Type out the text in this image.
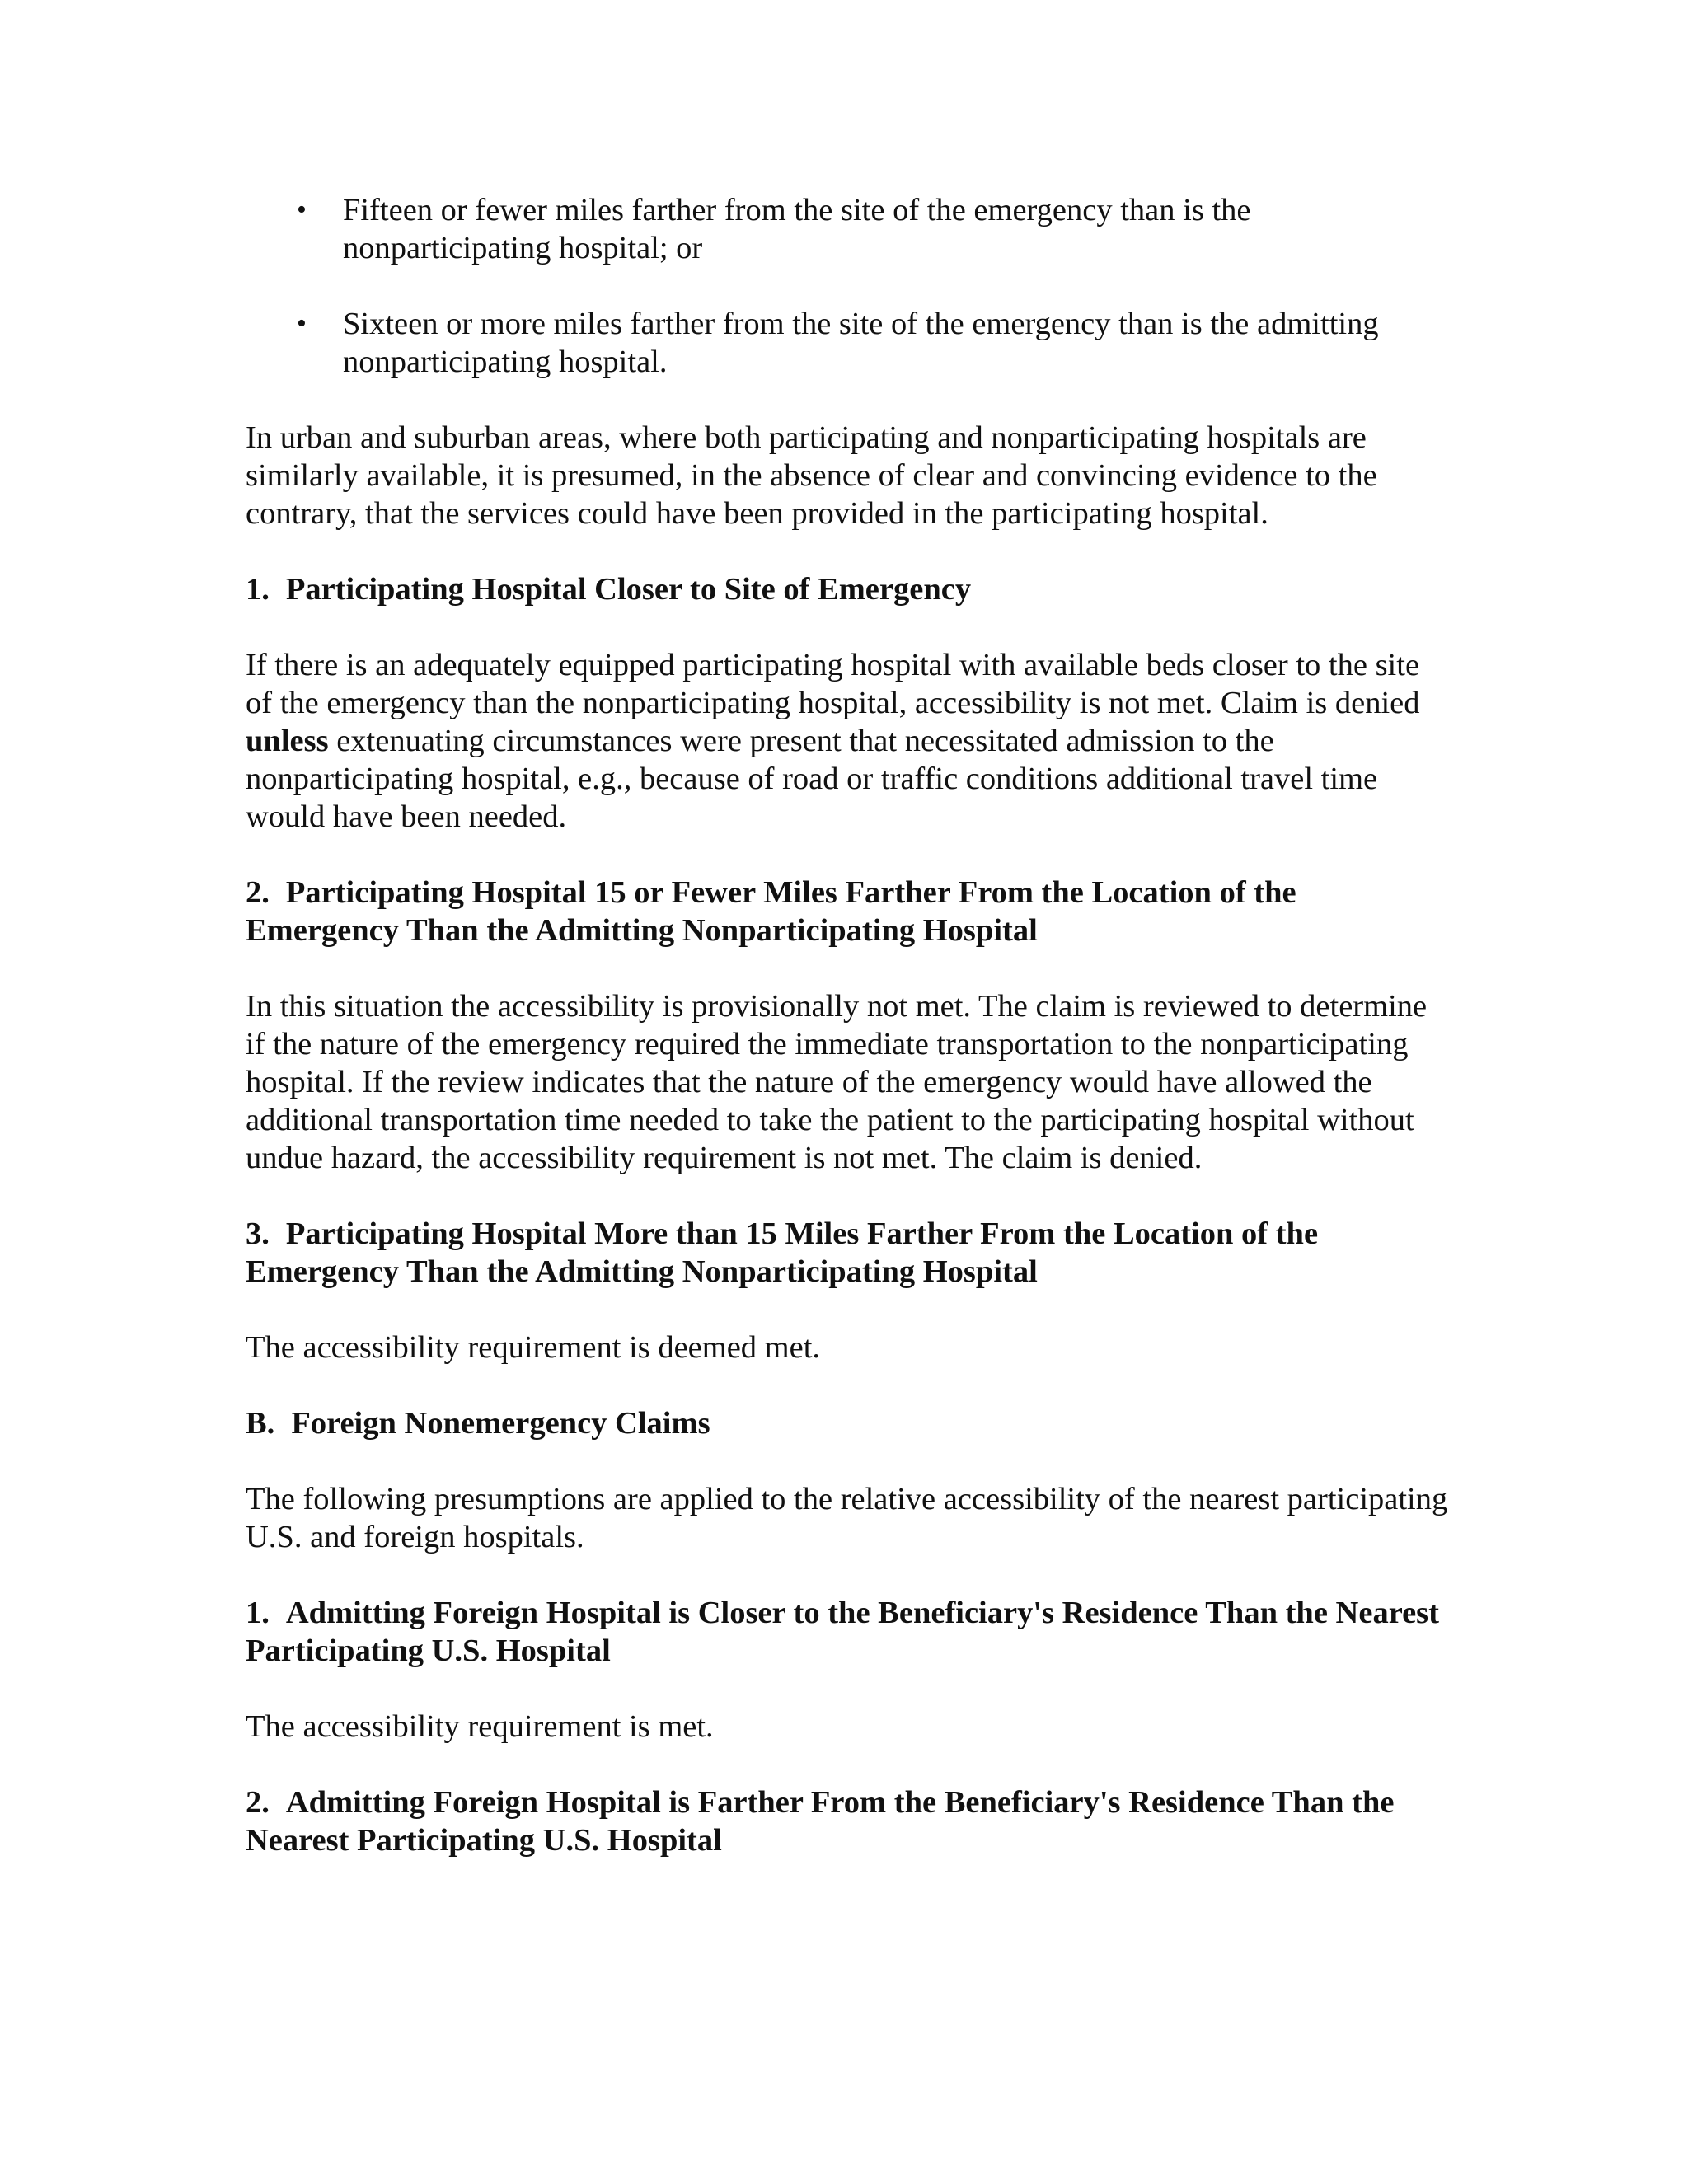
• Fifteen or fewer miles farther from the site of the emergency than is the nonparticipating hospital; or
• Sixteen or more miles farther from the site of the emergency than is the admitting nonparticipating hospital.

In urban and suburban areas, where both participating and nonparticipating hospitals are similarly available, it is presumed, in the absence of clear and convincing evidence to the contrary, that the services could have been provided in the participating hospital.

1. Participating Hospital Closer to Site of Emergency

If there is an adequately equipped participating hospital with available beds closer to the site of the emergency than the nonparticipating hospital, accessibility is not met. Claim is denied unless extenuating circumstances were present that necessitated admission to the nonparticipating hospital, e.g., because of road or traffic conditions additional travel time would have been needed.

2. Participating Hospital 15 or Fewer Miles Farther From the Location of the Emergency Than the Admitting Nonparticipating Hospital

In this situation the accessibility is provisionally not met. The claim is reviewed to determine if the nature of the emergency required the immediate transportation to the nonparticipating hospital. If the review indicates that the nature of the emergency would have allowed the additional transportation time needed to take the patient to the participating hospital without undue hazard, the accessibility requirement is not met. The claim is denied.

3. Participating Hospital More than 15 Miles Farther From the Location of the Emergency Than the Admitting Nonparticipating Hospital

The accessibility requirement is deemed met.

B. Foreign Nonemergency Claims

The following presumptions are applied to the relative accessibility of the nearest participating U.S. and foreign hospitals.

1. Admitting Foreign Hospital is Closer to the Beneficiary's Residence Than the Nearest Participating U.S. Hospital

The accessibility requirement is met.

2. Admitting Foreign Hospital is Farther From the Beneficiary's Residence Than the Nearest Participating U.S. Hospital
